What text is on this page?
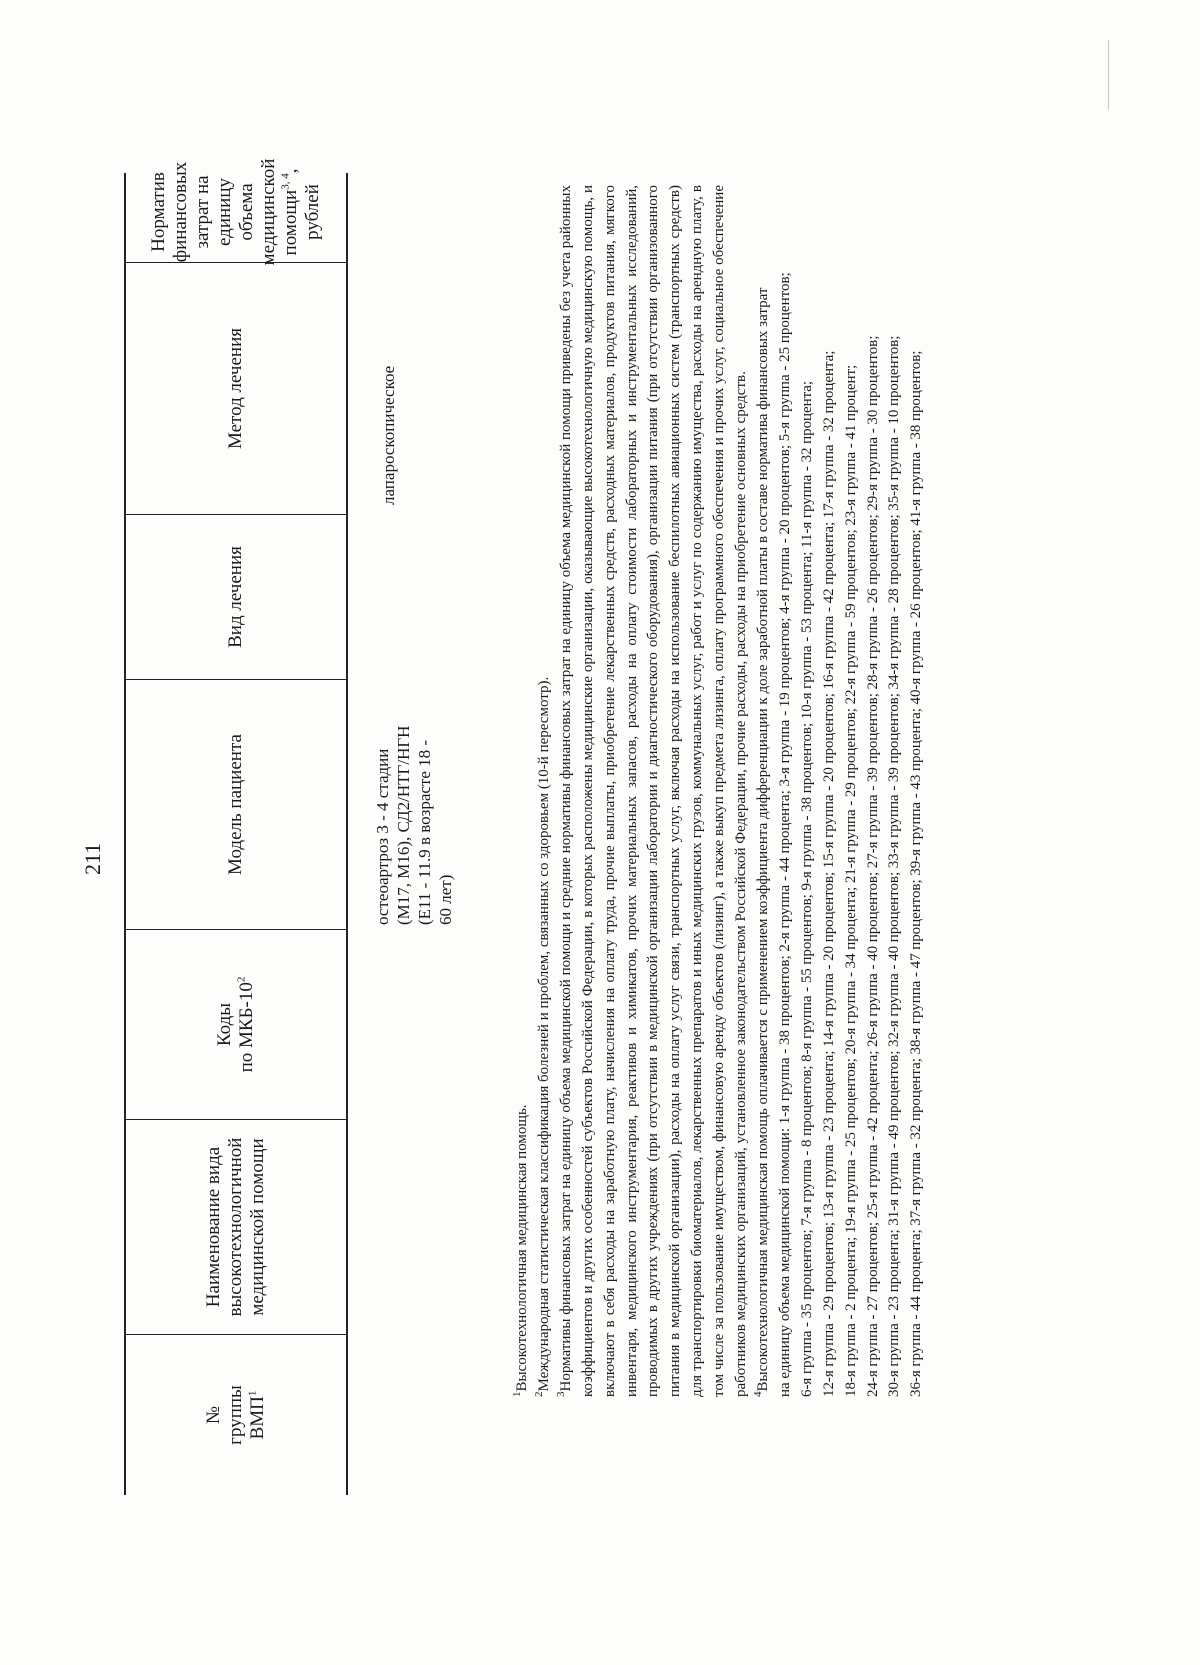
211
№ группы ВМП$^1$
Наименование вида высокотехнологичной медицинской помощи
Коды по МКБ-$10^2$
Модель пациента
Вид лечения
Метод лечения
Норматив финансовых затрат на единицу объема медицинской помощи$^{3, 4}$,
рублей
остеоартроз 3 - 4 стадии (M17, M16), СД2/НТГ/НГН (E11 - 11.9 в возрасте 18 - 60 лет)
лапароскопическое

$^1$Высокотехнологичная медицинская помощь.

$^2$Международная статистическая классификация болезней и проблем, связанных со здоровьем (10-й пересмотр).

$^3$Нормативы финансовых затрат на единицу объема медицинской помощи и средние нормативы финансовых затрат на единицу объема медицинской помощи приведены без учета районных коэффициентов и других особенностей субъектов Российской Федерации, в которых расположены медицинские организации, оказывающие высокотехнологичную медицинскую помощь, и включают в себя расходы на заработную плату, начисления на оплату труда, прочие выплаты, приобретение лекарственных средств, расходных материалов, продуктов питания, мягкого инвентаря, медицинского инструментария, реактивов и химикатов, прочих материальных запасов, расходы на оплату стоимости лабораторных и инструментальных исследований, проводимых в других учреждениях (при отсутствии в медицинской организации лаборатории и диагностического оборудования), организации питания (при отсутствии организованного питания в медицинской организации), расходы на оплату услуг связи, транспортных услуг, включая расходы на использование беспилотных авиационных систем (транспортных средств) для транспортировки биоматериалов, лекарственных препаратов и иных медицинских грузов, коммунальных услуг, работ и услуг по содержанию имущества, расходы на арендную плату, в том числе за пользование имуществом, финансовую аренду объектов (лизинг), а также выкуп предмета лизинга, оплату программного обеспечения и прочих услуг, социальное обеспечение работников медицинских организаций, установленное законодательством Российской Федерации, прочие расходы, расходы на приобретение основных средств. $^4$Высокотехнологичная медицинская помощь оплачивается с применением коэффициента дифференциации к доле заработной платы в составе норматива финансовых затрат на единицу объема медицинской помощи: 1-я группа - 38 процентов; 2-я группа - 44 процента; 3-я группа - 19 процентов; 4-я группа - 20 процентов; 5-я группа - 25 процентов; 6-я группа - 35 процентов; 7-я группа - 8 процентов; 8-я группа - 55 процентов; 9-я группа - 38 процентов; 10-я группа - 53 процента; 11-я группа - 32 процента; 12-я группа - 29 процентов; 13-я группа - 23 процента; 14-я группа - 20 процентов; 15-я группа - 20 процентов; 16-я группа - 42 процента; 17-я группа - 32 процента; 18-я группа - 2 процента; 19-я группа - 25 процентов; 20-я группа - 34 процента; 21-я группа - 29 процентов; 22-я группа - 59 процентов; 23-я группа - 41 процент; 24-я группа - 27 процентов; 25-я группа - 42 процента; 26-я группа - 40 процентов; 27-я группа - 39 процентов; 28-я группа - 26 процентов; 29-я группа - 30 процентов; 30-я группа - 23 процента; 31-я группа - 49 процентов; 32-я группа - 40 процентов; 33-я группа - 39 процентов; 34-я группа - 28 процентов; 35-я группа - 10 процентов; 36-я группа - 44 процента; 37-я группа - 32 процента; 38-я группа - 47 процентов; 39-я группа - 43 процента; 40-я группа - 26 процентов; 41-я группа - 38 процентов;
